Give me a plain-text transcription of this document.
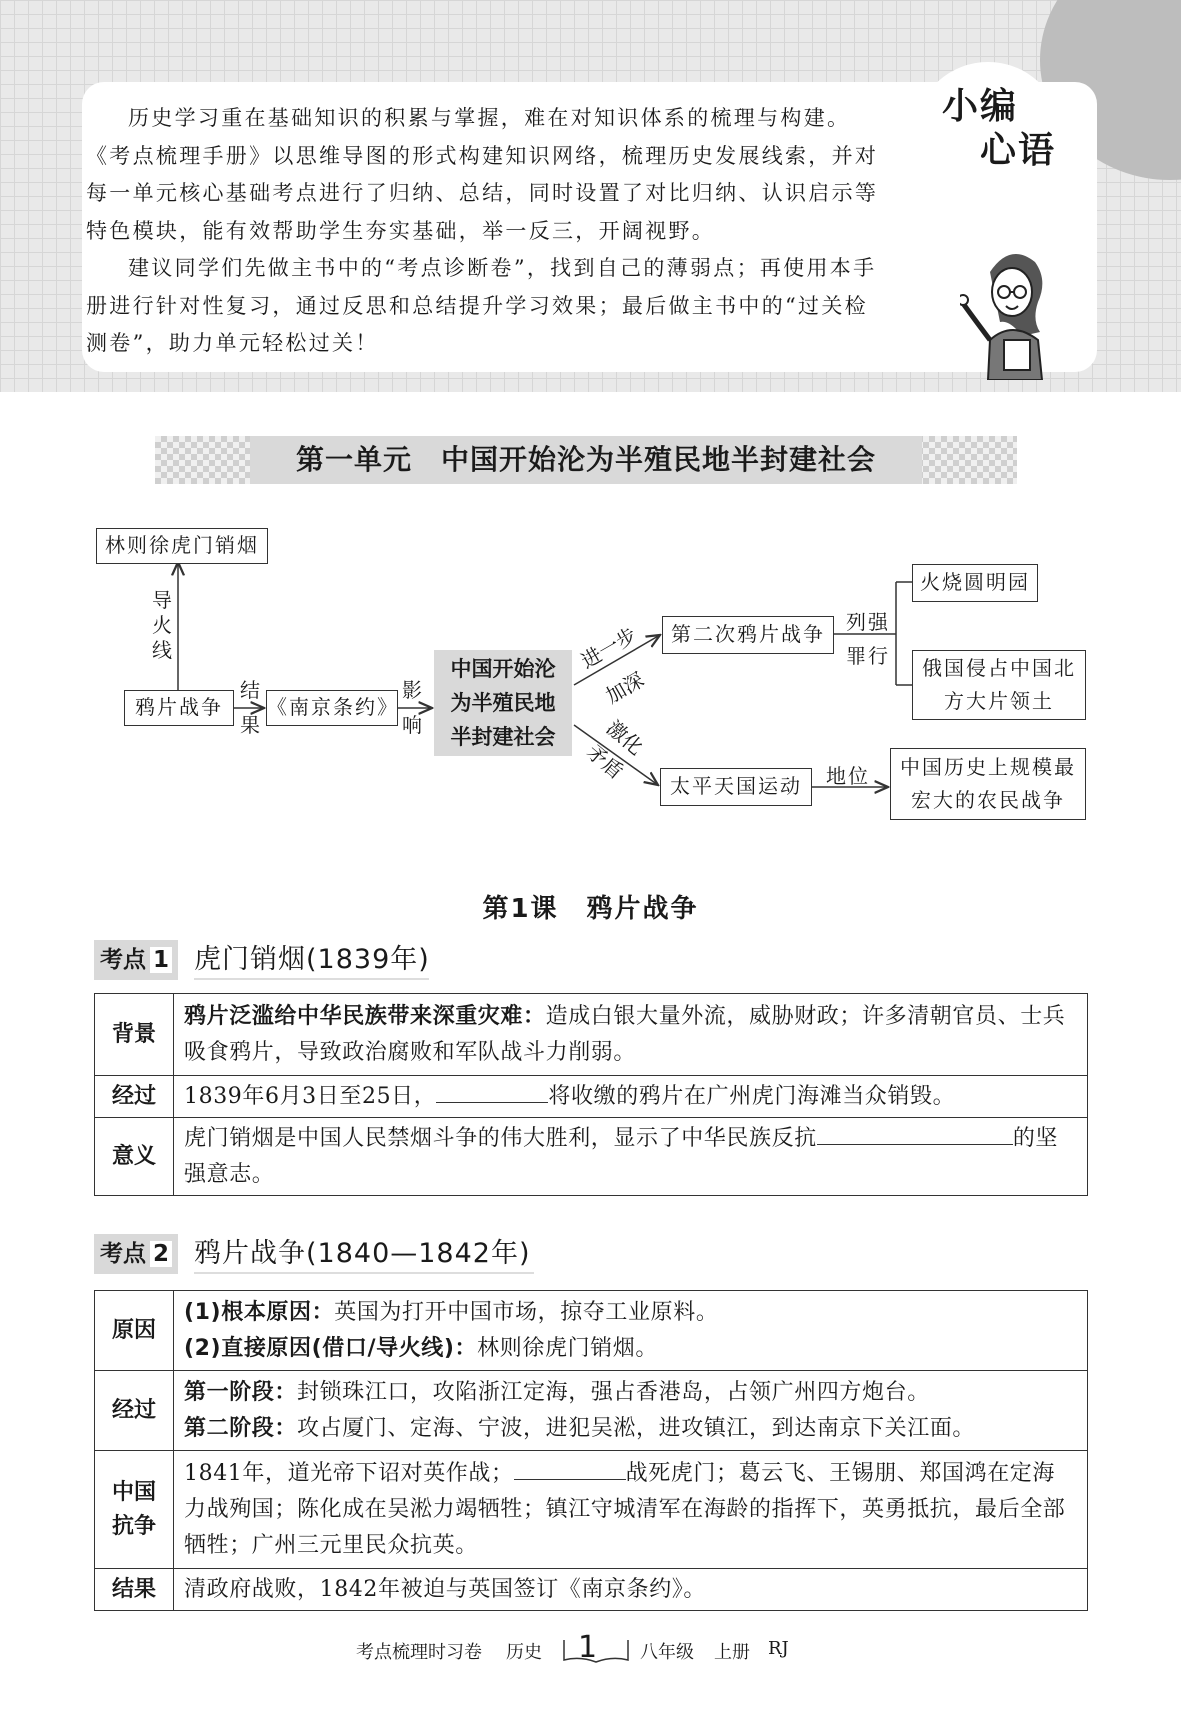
历史学习重在基础知识的积累与掌握，难在对知识体系的梳理与构建。《考点梳理手册》以思维导图的形式构建知识网络，梳理历史发展线索，并对每一单元核心基础考点进行了归纳、总结，同时设置了对比归纳、认识启示等特色模块，能有效帮助学生夯实基础，举一反三，开阔视野。

建议同学们先做主书中的“考点诊断卷”，找到自己的薄弱点；再使用本手册进行针对性复习，通过反思和总结提升学习效果；最后做主书中的“过关检测卷”，助力单元轻松过关！

小编
心语
第一单元　中国开始沦为半殖民地半封建社会
林则徐虎门销烟
导
火
线
鸦片战争
结
果
《南京条约》
影
响
中国开始沦
为半殖民地
半封建社会
进一步
加深
激化
矛盾
第二次鸦片战争	列强
罪行
火烧圆明园
俄国侵占中国北
方大片领土
太平天国运动	地位	中国历史上规模最
宏大的农民战争
第1课　鸦片战争
考点 1 虎门销烟(1839年)
背景	鸦片泛滥给中华民族带来深重灾难：造成白银大量外流，威胁财政；许多清朝官员、士兵吸食鸦片，导致政治腐败和军队战斗力削弱。
经过	1839年6月3日至25日， 将收缴的鸦片在广州虎门海滩当众销毁。
意义	虎门销烟是中国人民禁烟斗争的伟大胜利，显示了中华民族反抗 的坚强意志。
考点 2 鸦片战争(1840—1842年)
原因	(1)根本原因：英国为打开中国市场，掠夺工业原料。
(2)直接原因(借口/导火线)：林则徐虎门销烟。

经过	第一阶段：封锁珠江口，攻陷浙江定海，强占香港岛，占领广州四方炮台。
第二阶段：攻占厦门、定海、宁波，进犯吴淞，进攻镇江，到达南京下关江面。

中国
抗争	1841年，道光帝下诏对英作战； 战死虎门；葛云飞、王锡朋、郑国鸿在定海力战殉国；陈化成在吴淞力竭牺牲；镇江守城清军在海龄的指挥下，英勇抵抗，最后全部牺牲；广州三元里民众抗英。
结果	清政府战败，1842年被迫与英国签订《南京条约》。
考点梳理时习卷 历史 1 八年级 上册 RJ
